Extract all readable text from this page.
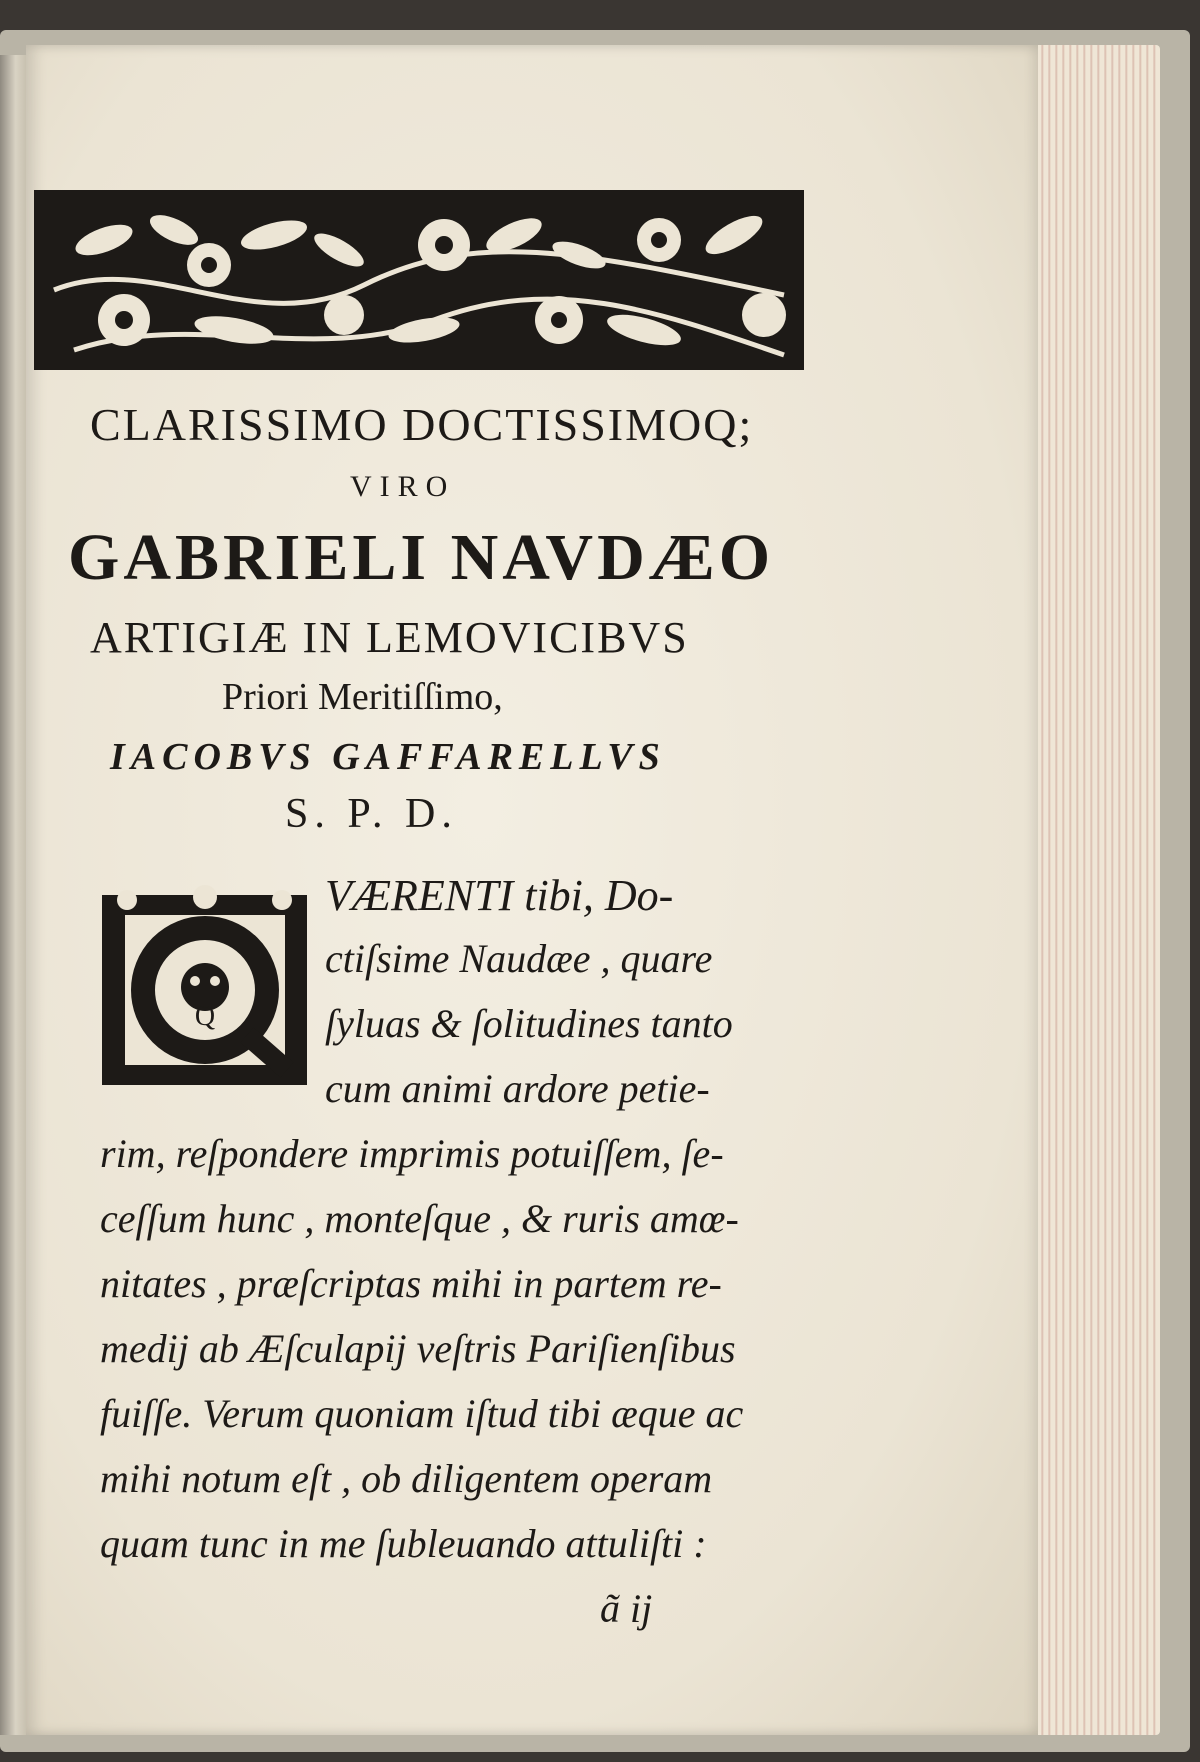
CLARISSIMO DOCTISSIMOQ;
VIRO
GABRIELI NAVDÆO
ARTIGIÆ IN LEMOVICIBVS
Priori Meritiſſimo,
IACOBVS GAFFARELLVS
S. P. D.
Q
VÆRENTI tibi, Do-
ctiſsime Naudæe , quare
ſyluas & ſolitudines tanto
cum animi ardore petie-
rim, reſpondere imprimis potuiſſem, ſe-
ceſſum hunc , monteſque , & ruris amœ-
nitates , præſcriptas mihi in partem re-
medij ab Æſculapij veſtris Pariſienſibus
fuiſſe. Verum quoniam iſtud tibi æque ac
mihi notum eſt , ob diligentem operam
quam tunc in me ſubleuando attuliſti :
ã ij
